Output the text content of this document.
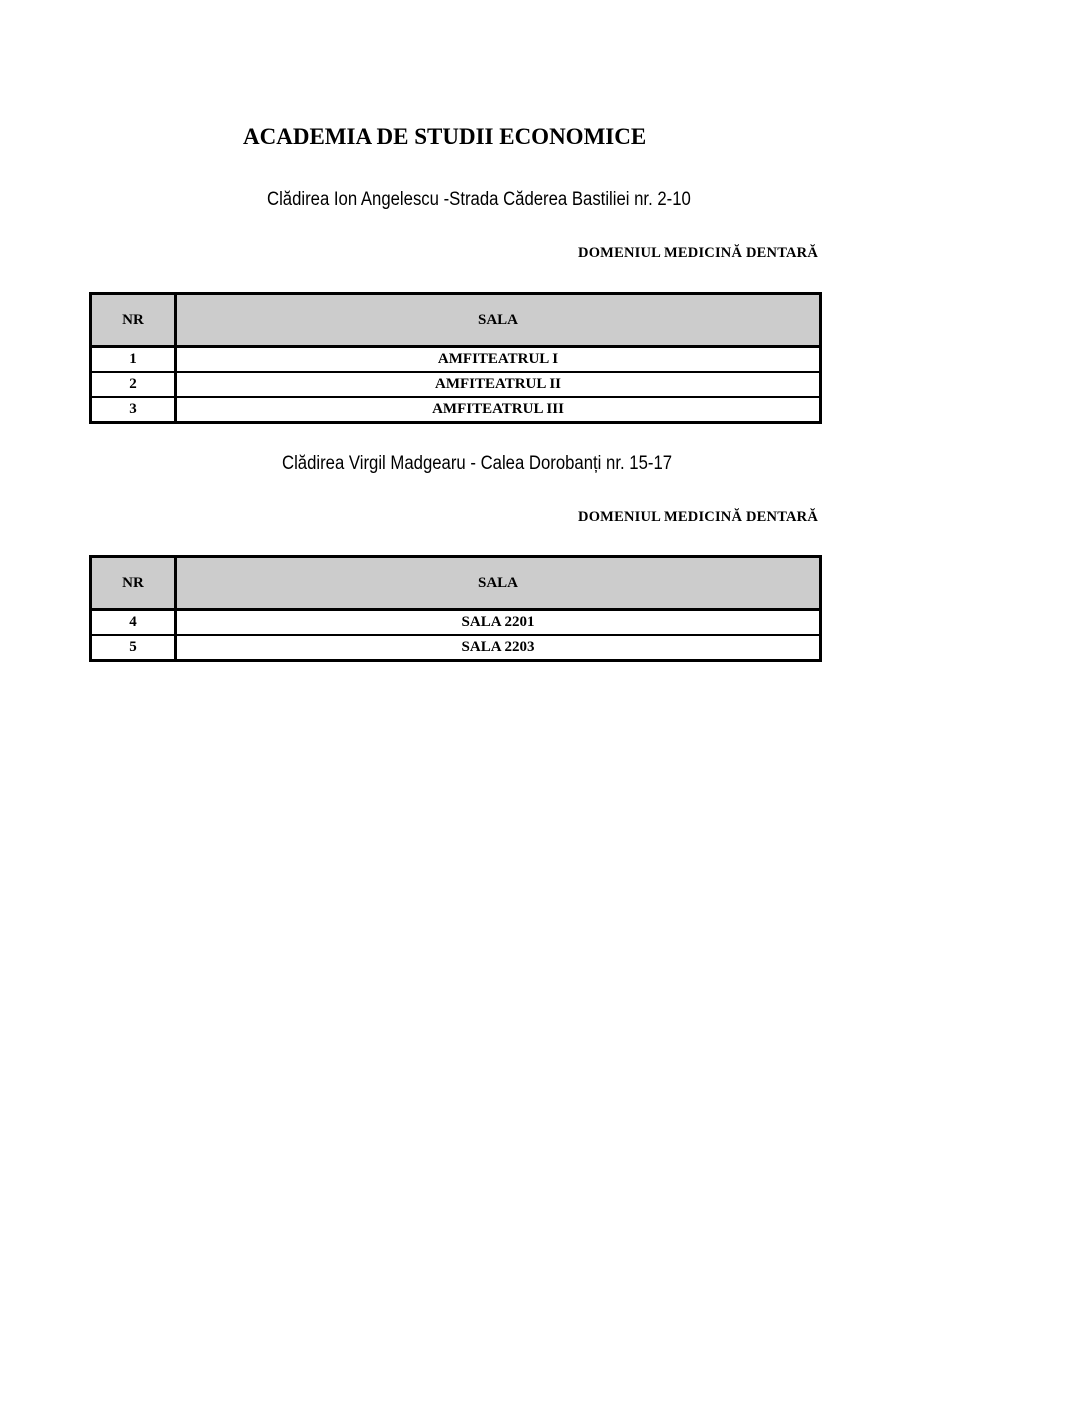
ACADEMIA DE STUDII ECONOMICE
Clădirea Ion Angelescu -Strada Căderea Bastiliei nr. 2-10
DOMENIUL MEDICINĂ DENTARĂ
NR	SALA
1	AMFITEATRUL I
2	AMFITEATRUL II
3	AMFITEATRUL III
Clădirea Virgil Madgearu - Calea Dorobanți nr. 15-17
DOMENIUL MEDICINĂ DENTARĂ
NR	SALA
4	SALA 2201
5	SALA 2203
